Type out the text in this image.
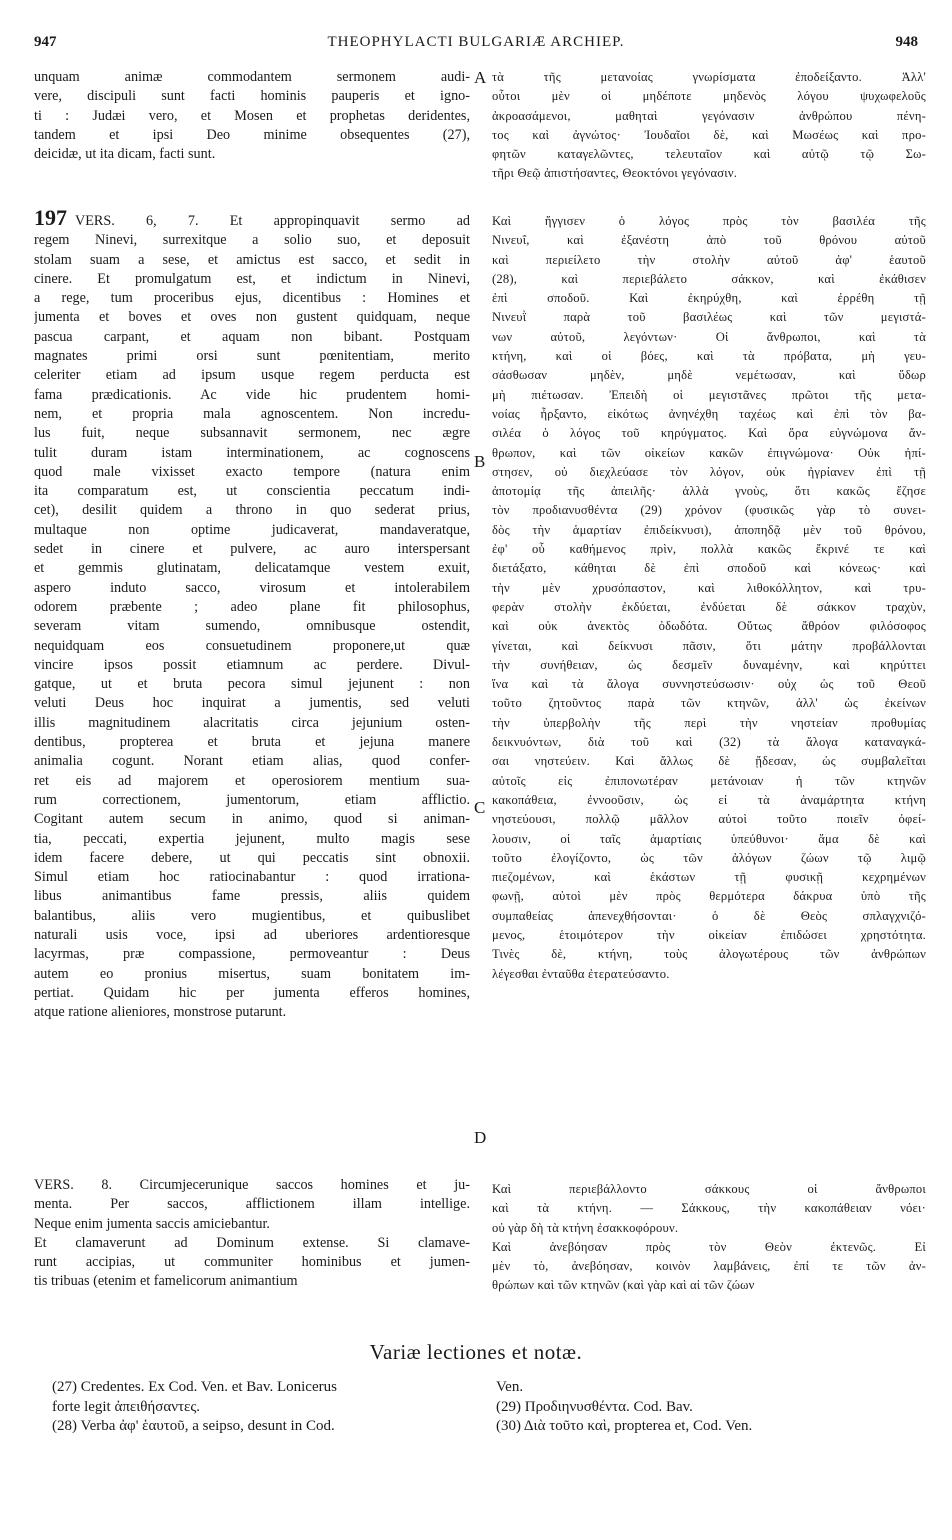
947	THEOPHYLACTI BULGARIÆ ARCHIEP.	948
A
B
C
D
unquam animæ commodantem sermonem audi-
vere, discipuli sunt facti hominis pauperis et igno-
ti : Judæi vero, et Mosen et prophetas deridentes,
tandem et ipsi Deo minime obsequentes (27),
deicidæ, ut ita dicam, facti sunt.
τὰ τῆς μετανοίας γνωρίσματα ἐποδείξαντο. Ἀλλ'
οὗτοι μὲν οἱ μηδέποτε μηδενὸς λόγου ψυχωφελοῦς
ἀκροασάμενοι, μαθηταὶ γεγόνασιν ἀνθρώπου πένη-
τος καὶ ἀγνώτος· Ἰουδαῖοι δὲ, καὶ Μωσέως καὶ προ-
φητῶν καταγελῶντες, τελευταῖον καὶ αὐτῷ τῷ Σω-
τῆρι Θεῷ ἀπιστήσαντες, Θεοκτόνοι γεγόνασιν.
197 VERS. 6, 7. Et appropinquavit sermo ad
regem Ninevi, surrexitque a solio suo, et deposuit
stolam suam a sese, et amictus est sacco, et sedit in
cinere. Et promulgatum est, et indictum in Ninevi,
a rege, tum proceribus ejus, dicentibus : Homines et
jumenta et boves et oves non gustent quidquam, neque
pascua carpant, et aquam non bibant. Postquam
magnates primi orsi sunt pœnitentiam, merito
celeriter etiam ad ipsum usque regem perducta est
fama prædicationis. Ac vide hic prudentem homi-
nem, et propria mala agnoscentem. Non incredu-
lus fuit, neque subsannavit sermonem, nec ægre
tulit duram istam interminationem, ac cognoscens
quod male vixisset exacto tempore (natura enim
ita comparatum est, ut conscientia peccatum indi-
cet), desilit quidem a throno in quo sederat prius,
multaque non optime judicaverat, mandaveratque,
sedet in cinere et pulvere, ac auro interspersant
et gemmis glutinatam, delicatamque vestem exuit,
aspero induto sacco, virosum et intolerabilem
odorem præbente ; adeo plane fit philosophus,
severam vitam sumendo, omnibusque ostendit,
nequidquam eos consuetudinem proponere,ut quæ
vincire ipsos possit etiamnum ac perdere. Divul-
gatque, ut et bruta pecora simul jejunent : non
veluti Deus hoc inquirat a jumentis, sed veluti
illis magnitudinem alacritatis circa jejunium osten-
dentibus, propterea et bruta et jejuna manere
animalia cogunt. Norant etiam alias, quod confer-
ret eis ad majorem et operosiorem mentium sua-
rum correctionem, jumentorum, etiam afflictio.
Cogitant autem secum in animo, quod si animan-
tia, peccati, expertia jejunent, multo magis sese
idem facere debere, ut qui peccatis sint obnoxii.
Simul etiam hoc ratiocinabantur : quod irrationa-
libus animantibus fame pressis, aliis quidem
balantibus, aliis vero mugientibus, et quibuslibet
naturali usis voce, ipsi ad uberiores ardentioresque
lacyrmas, præ compassione, permoveantur : Deus
autem eo pronius misertus, suam bonitatem im-
pertiat. Quidam hic per jumenta efferos homines,
atque ratione alieniores, monstrose putarunt.
Καὶ ἤγγισεν ὁ λόγος πρὸς τὸν βασιλέα τῆς
Νινευΐ, καὶ ἐξανέστη ἀπὸ τοῦ θρόνου αὐτοῦ
καὶ περιείλετο τὴν στολὴν αὐτοῦ ἀφ' ἑαυτοῦ
(28), καὶ περιεβάλετο σάκκον, καὶ ἐκάθισεν
ἐπὶ σποδοῦ. Καὶ ἐκηρύχθη, καὶ ἐρρέθη τῇ
Νινευῒ παρὰ τοῦ βασιλέως καὶ τῶν μεγιστά-
νων αὐτοῦ, λεγόντων· Οἱ ἄνθρωποι, καὶ τὰ
κτήνη, καὶ οἱ βόες, καὶ τὰ πρόβατα, μὴ γευ-
σάσθωσαν μηδὲν, μηδὲ νεμέτωσαν, καὶ ὕδωρ
μὴ πιέτωσαν. Ἐπειδὴ οἱ μεγιστᾶνες πρῶτοι τῆς μετα-
νοίας ἦρξαντο, εἰκότως ἀνηνέχθη ταχέως καὶ ἐπὶ τὸν βα-
σιλέα ὁ λόγος τοῦ κηρύγματος. Καὶ ὅρα εὐγνώμονα ἄν-
θρωπον, καὶ τῶν οἰκείων κακῶν ἐπιγνώμονα· Οὐκ ἠπί-
στησεν, οὐ διεχλεύασε τὸν λόγον, οὐκ ἠγρίανεν ἐπὶ τῇ
ἀποτομίᾳ τῆς ἀπειλῆς· ἀλλὰ γνοὺς, ὅτι κακῶς ἔζησε
τὸν προδιανυσθέντα (29) χρόνον (φυσικῶς γὰρ τὸ συνει-
δὸς τὴν ἁμαρτίαν ἐπιδείκνυσι), ἀποπηδᾷ μὲν τοῦ θρόνου,
ἐφ' οὗ καθήμενος πρὶν, πολλὰ κακῶς ἔκρινέ τε καὶ
διετάξατο, κάθηται δὲ ἐπὶ σποδοῦ καὶ κόνεως· καὶ
τὴν μὲν χρυσόπαστον, καὶ λιθοκόλλητον, καὶ τρυ-
φερὰν στολὴν ἐκδύεται, ἐνδύεται δὲ σάκκον τραχὺν,
καὶ οὐκ ἀνεκτὸς ὀδωδότα. Οὕτως ἄθρόον φιλόσοφος
γίνεται, καὶ δείκνυσι πᾶσιν, ὅτι μάτην προβάλλονται
τὴν συνήθειαν, ὡς δεσμεῖν δυναμένην, καὶ κηρύττει
ἵνα καὶ τὰ ἄλογα συννηστεύσωσιν· οὐχ ὡς τοῦ Θεοῦ
τοῦτο ζητοῦντος παρὰ τῶν κτηνῶν, ἀλλ' ὡς ἐκείνων
τὴν ὑπερβολὴν τῆς περὶ τὴν νηστείαν προθυμίας
δεικνυόντων, διὰ τοῦ καὶ (32) τὰ ἄλογα καταναγκά-
σαι νηστεύειν. Καὶ ἄλλως δὲ ᾔδεσαν, ὡς συμβαλεῖται
αὐτοῖς εἰς ἐπιπονωτέραν μετάνοιαν ἡ τῶν κτηνῶν
κακοπάθεια, ἐννοοῦσιν, ὡς εἰ τὰ ἀναμάρτητα κτήνη
νηστεύουσι, πολλῷ μᾶλλον αὐτοὶ τοῦτο ποιεῖν ὀφεί-
λουσιν, οἱ ταῖς ἁμαρτίαις ὑπεύθυνοι· ἅμα δὲ καὶ
τοῦτο ἐλογίζοντο, ὡς τῶν ἀλόγων ζώων τῷ λιμῷ
πιεζομένων, καὶ ἑκάστων τῇ φυσικῇ κεχρημένων
φωνῇ, αὐτοὶ μὲν πρὸς θερμότερα δάκρυα ὑπὸ τῆς
συμπαθείας ἀπενεχθήσονται· ὁ δὲ Θεὸς σπλαγχνιζό-
μενος, ἑτοιμότερον τὴν οἰκείαν ἐπιδώσει χρηστότητα.
Τινὲς δὲ, κτήνη, τοὺς ἀλογωτέρους τῶν ἀνθρώπων
λέγεσθαι ἐνταῦθα ἐτερατεύσαντο.
VERS. 8. Circumjecerunique saccos homines et ju-
menta. Per saccos, afflictionem illam intellige.
Neque enim jumenta saccis amiciebantur.
Et clamaverunt ad Dominum extense. Si clamave-
runt accipias, ut communiter hominibus et jumen-
tis tribuas (etenim et famelicorum animantium
Καὶ περιεβάλλοντο σάκκους οἱ ἄνθρωποι
καὶ τὰ κτήνη. — Σάκκους, τὴν κακοπάθειαν νόει·
οὐ γὰρ δὴ τὰ κτήνη ἐσακκοφόρουν.
Καὶ ἀνεβόησαν πρὸς τὸν Θεὸν ἐκτενῶς. Εἰ
μὲν τὸ, ἀνεβόησαν, κοινὸν λαμβάνεις, ἐπί τε τῶν ἀν-
θρώπων καὶ τῶν κτηνῶν (καὶ γὰρ καὶ αἱ τῶν ζώων
Variæ lectiones et notæ.
(27) Credentes. Ex Cod. Ven. et Bav. Lonicerus
forte legit ἀπειθήσαντες.
(28) Verba ἀφ' ἑαυτοῦ, a seipso, desunt in Cod.
Ven.
(29) Προδιηνυσθέντα. Cod. Bav.
(30) Διὰ τοῦτο καὶ, propterea et, Cod. Ven.
